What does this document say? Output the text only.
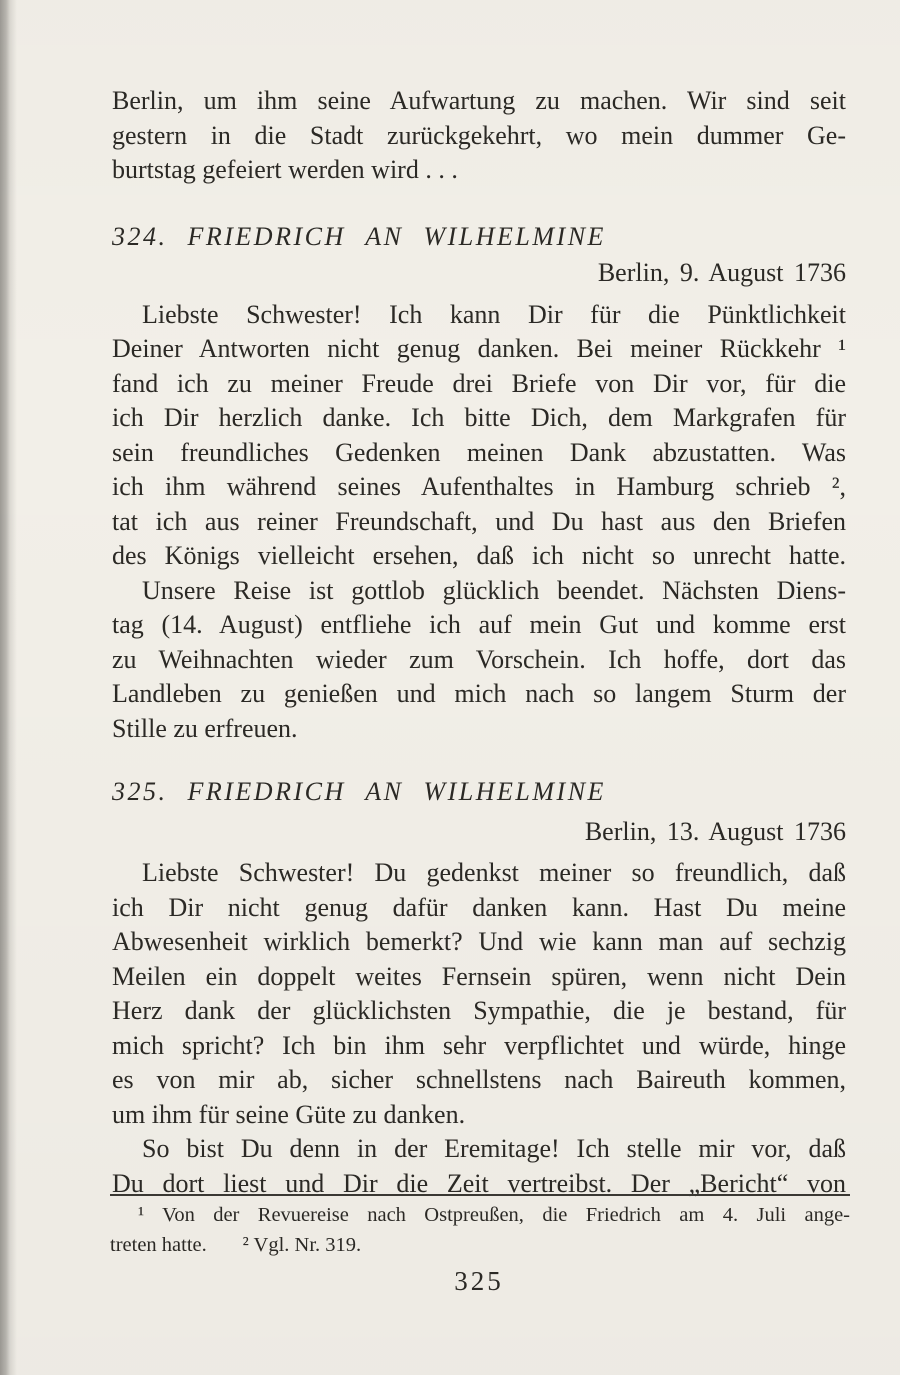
Berlin, um ihm seine Aufwartung zu machen. Wir sind seit
gestern in die Stadt zurückgekehrt, wo mein dummer Ge-
burtstag gefeiert werden wird . . .
324. FRIEDRICH AN WILHELMINE
Berlin, 9. August 1736
Liebste Schwester! Ich kann Dir für die Pünktlichkeit
Deiner Antworten nicht genug danken. Bei meiner Rückkehr ¹
fand ich zu meiner Freude drei Briefe von Dir vor, für die
ich Dir herzlich danke. Ich bitte Dich, dem Markgrafen für
sein freundliches Gedenken meinen Dank abzustatten. Was
ich ihm während seines Aufenthaltes in Hamburg schrieb ²,
tat ich aus reiner Freundschaft, und Du hast aus den Briefen
des Königs vielleicht ersehen, daß ich nicht so unrecht hatte.
Unsere Reise ist gottlob glücklich beendet. Nächsten Diens-
tag (14. August) entfliehe ich auf mein Gut und komme erst
zu Weihnachten wieder zum Vorschein. Ich hoffe, dort das
Landleben zu genießen und mich nach so langem Sturm der
Stille zu erfreuen.
325. FRIEDRICH AN WILHELMINE
Berlin, 13. August 1736
Liebste Schwester! Du gedenkst meiner so freundlich, daß
ich Dir nicht genug dafür danken kann. Hast Du meine
Abwesenheit wirklich bemerkt? Und wie kann man auf sechzig
Meilen ein doppelt weites Fernsein spüren, wenn nicht Dein
Herz dank der glücklichsten Sympathie, die je bestand, für
mich spricht? Ich bin ihm sehr verpflichtet und würde, hinge
es von mir ab, sicher schnellstens nach Baireuth kommen,
um ihm für seine Güte zu danken.
So bist Du denn in der Eremitage! Ich stelle mir vor, daß
Du dort liest und Dir die Zeit vertreibst. Der „Bericht“ von
¹ Von der Revuereise nach Ostpreußen, die Friedrich am 4. Juli ange-
treten hatte.   ² Vgl. Nr. 319.
325
